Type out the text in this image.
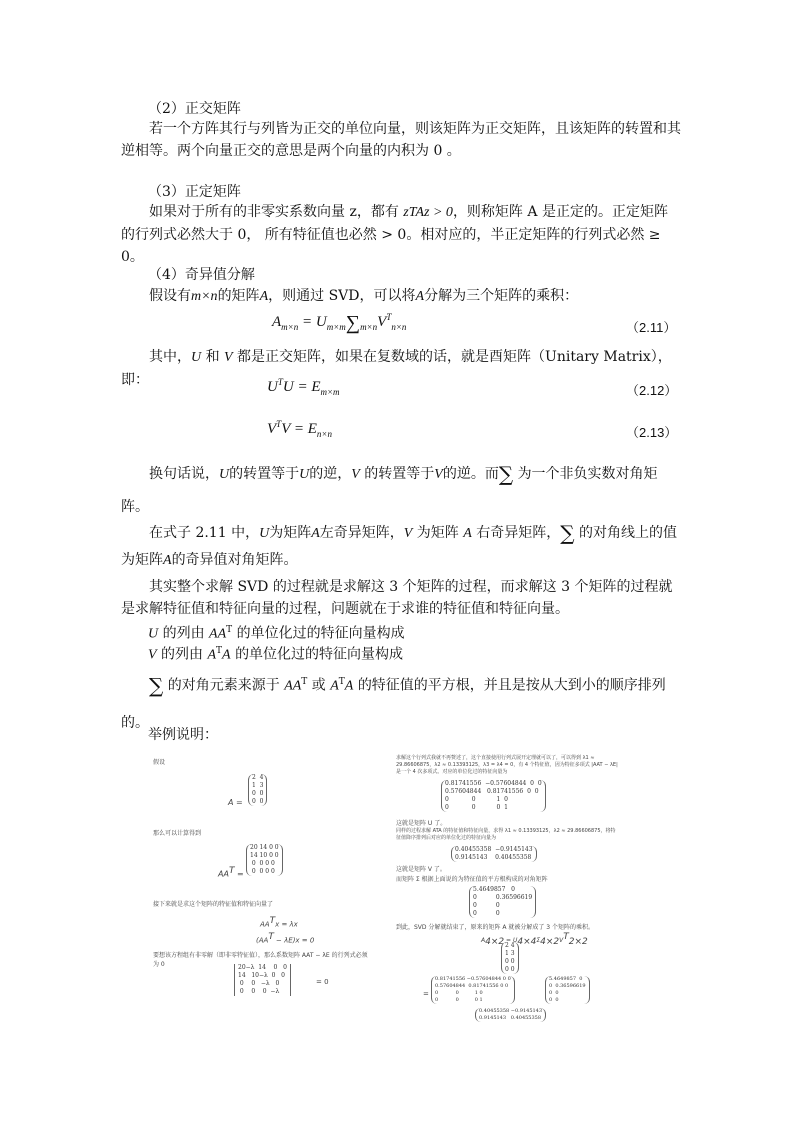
（2）正交矩阵
若一个方阵其行与列皆为正交的单位向量，则该矩阵为正交矩阵，且该矩阵的转置和其逆相等。两个向量正交的意思是两个向量的内积为 0 。
（3）正定矩阵
如果对于所有的非零实系数向量 z，都有 zTAz > 0，则称矩阵 A 是正定的。正定矩阵的行列式必然大于 0， 所有特征值也必然 > 0。相对应的，半正定矩阵的行列式必然 ≥ 0。
（4）奇异值分解
假设有m×n的矩阵A，则通过 SVD，可以将A分解为三个矩阵的乘积：
$A_{m\times n} = U_{m\times m}\sum_{m\times n}V^T_{n\times n}$	（2.11）
其中，U 和 V 都是正交矩阵，如果在复数域的话，就是酉矩阵（Unitary Matrix），即：	$U^TU = E_{m\times m}$	（2.12）
$V^TV = E_{n\times n}$	（2.13）
换句话说，U的转置等于U的逆，V 的转置等于V的逆。而∑ 为一个非负实数对角矩阵。
在式子 2.11 中，U为矩阵A左奇异矩阵，V 为矩阵 A 右奇异矩阵，∑ 的对角线上的值为矩阵A的奇异值对角矩阵。
其实整个求解 SVD 的过程就是求解这 3 个矩阵的过程，而求解这 3 个矩阵的过程就是求解特征值和特征向量的过程，问题就在于求谁的特征值和特征向量。
U 的列由 $AA^T$ 的单位化过的特征向量构成
V 的列由 $A^TA$ 的单位化过的特征向量构成
∑ 的对角元素来源于 $AA^T$ 或 $A^TA$ 的特征值的平方根，并且是按从大到小的顺序排列的。
举例说明：
假设
A =
2  4
1  3
0  0
0  0
那么可以计算得到
$AA^T$ =
20 14 0 0
14 10 0 0
0  0 0 0
0  0 0 0
接下来就是求这个矩阵的特征值和特征向量了
$AA^Tx = \lambda x$
$(AA^T - \lambda E)x = 0$
要想该方程组有非零解（即非零特征值），那么系数矩阵 AAT − λE 的行列式必须为 0	20−λ  14    0   0
14   10−λ  0   0
0    0   −λ   0
0    0    0  −λ
= 0
求解这个行列式我就不再赘述了，这个直接使用行列式展开定理就可以了，可以得到 λ1 ≈ 29.86606875，λ2 ≈ 0.13393125，λ3 = λ4 = 0，有 4 个特征值，因为特征多项式 |AAT − λE| 是一个 4 次多项式。对应的单位化过的特征向量为
0.81741556  −0.57604844  0  0
0.57604844   0.81741556  0  0
0            0           1  0
0            0           0  1
这就是矩阵 U 了。
同样的过程求解 ATA 的特征值和特征向量，求得 λ1 ≈ 0.13393125，λ2 ≈ 29.86606875，将特征值降序排列后对应的单位化过的特征向量为
0.40455358  −0.9145143
0.9145143    0.40455358
这就是矩阵 V 了。
而矩阵 Σ 根据上面说的为特征值的平方根构成的对角矩阵
5.4649857   0
0          0.36596619
0          0
0          0
到此，SVD 分解就结束了，原来的矩阵 A 就被分解成了 3 个矩阵的乘积。
$A_{4\times 2} = U_{4\times 4}\Sigma_{4\times 2}V^T_{2\times 2}$
2 4
1 3
0 0
0 0
=
0.81741556 −0.57604844 0 0
0.57604844  0.81741556 0 0
0           0          1 0
0           0          0 1
5.4649857  0
0  0.36596619
0  0
0  0
0.40455358 −0.9145143
0.9145143   0.40455358
